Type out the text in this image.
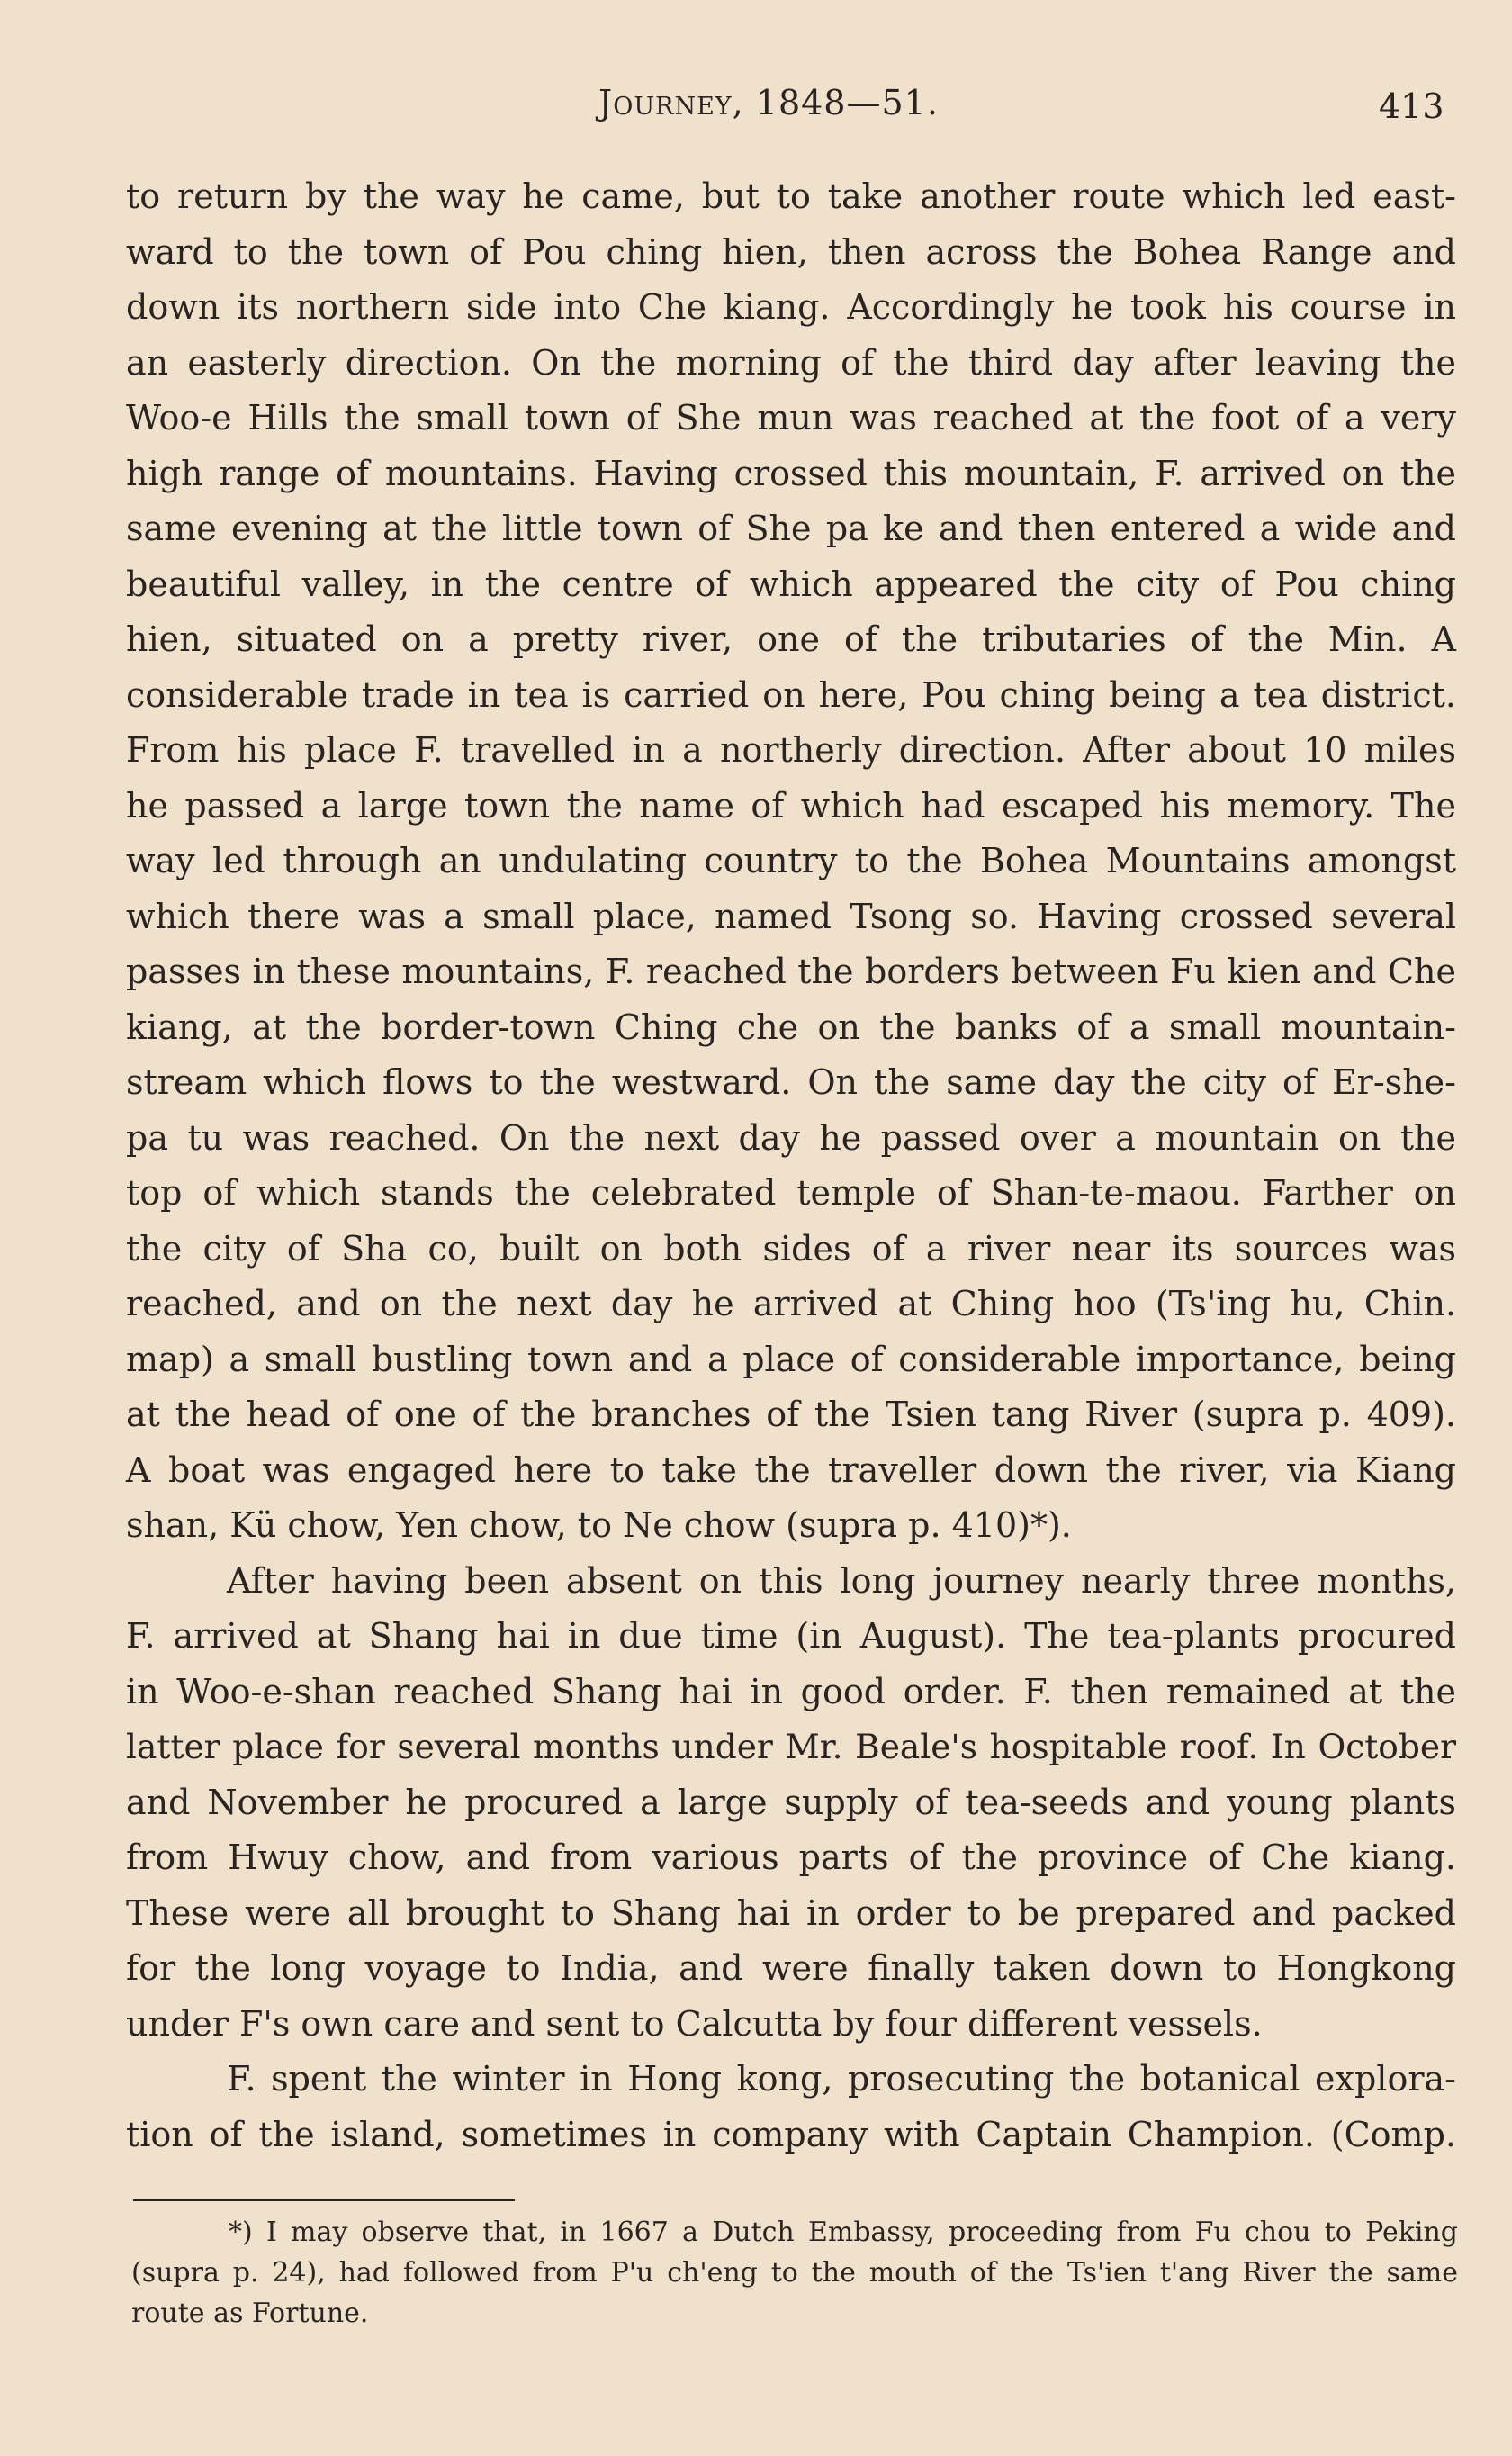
Journey, 1848—51.	413
to return by the way he came, but to take another route which led east-
ward to the town of Pou ching hien, then across the Bohea Range and
down its northern side into Che kiang. Accordingly he took his course in
an easterly direction. On the morning of the third day after leaving the
Woo-e Hills the small town of She mun was reached at the foot of a very
high range of mountains. Having crossed this mountain, F. arrived on the
same evening at the little town of She pa ke and then entered a wide and
beautiful valley, in the centre of which appeared the city of Pou ching
hien, situated on a pretty river, one of the tributaries of the Min. A
considerable trade in tea is carried on here, Pou ching being a tea district.
From his place F. travelled in a northerly direction. After about 10 miles
he passed a large town the name of which had escaped his memory. The
way led through an undulating country to the Bohea Mountains amongst
which there was a small place, named Tsong so. Having crossed several
passes in these mountains, F. reached the borders between Fu kien and Che
kiang, at the border-town Ching che on the banks of a small mountain-
stream which flows to the westward. On the same day the city of Er-she-
pa tu was reached. On the next day he passed over a mountain on the
top of which stands the celebrated temple of Shan-te-maou. Farther on
the city of Sha co, built on both sides of a river near its sources was
reached, and on the next day he arrived at Ching hoo (Ts'ing hu, Chin.
map) a small bustling town and a place of considerable importance, being
at the head of one of the branches of the Tsien tang River (supra p. 409).
A boat was engaged here to take the traveller down the river, via Kiang
shan, Kü chow, Yen chow, to Ne chow (supra p. 410)*).
After having been absent on this long journey nearly three months,
F. arrived at Shang hai in due time (in August). The tea-plants procured
in Woo-e-shan reached Shang hai in good order. F. then remained at the
latter place for several months under Mr. Beale's hospitable roof. In October
and November he procured a large supply of tea-seeds and young plants
from Hwuy chow, and from various parts of the province of Che kiang.
These were all brought to Shang hai in order to be prepared and packed
for the long voyage to India, and were finally taken down to Hongkong
under F's own care and sent to Calcutta by four different vessels.
F. spent the winter in Hong kong, prosecuting the botanical explora-
tion of the island, sometimes in company with Captain Champion. (Comp.
*) I may observe that, in 1667 a Dutch Embassy, proceeding from Fu chou to Peking
(supra p. 24), had followed from P'u ch'eng to the mouth of the Ts'ien t'ang River the same
route as Fortune.
